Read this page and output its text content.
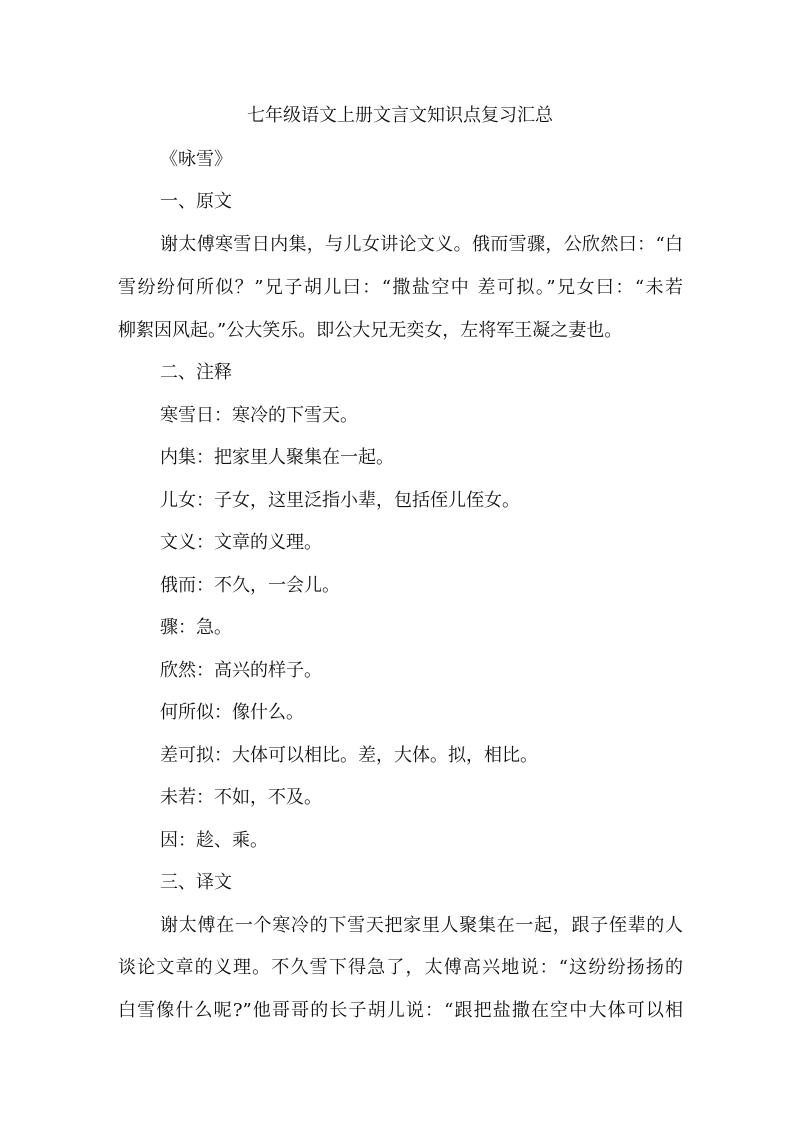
七年级语文上册文言文知识点复习汇总
《咏雪》
一、原文
谢太傅寒雪日内集，与儿女讲论文义。俄而雪骤，公欣然曰：“白
雪纷纷何所似？”兄子胡儿曰：“撒盐空中 差可拟。”兄女曰：“未若
柳絮因风起。”公大笑乐。即公大兄无奕女，左将军王凝之妻也。
二、注释
寒雪日：寒冷的下雪天。
内集：把家里人聚集在一起。
儿女：子女，这里泛指小辈，包括侄儿侄女。
文义：文章的义理。
俄而：不久，一会儿。
骤：急。
欣然：高兴的样子。
何所似：像什么。
差可拟：大体可以相比。差，大体。拟，相比。
未若：不如，不及。
因：趁、乘。
三、译文
谢太傅在一个寒冷的下雪天把家里人聚集在一起，跟子侄辈的人
谈论文章的义理。不久雪下得急了，太傅高兴地说：“这纷纷扬扬的
白雪像什么呢?”他哥哥的长子胡儿说：“跟把盐撒在空中大体可以相
